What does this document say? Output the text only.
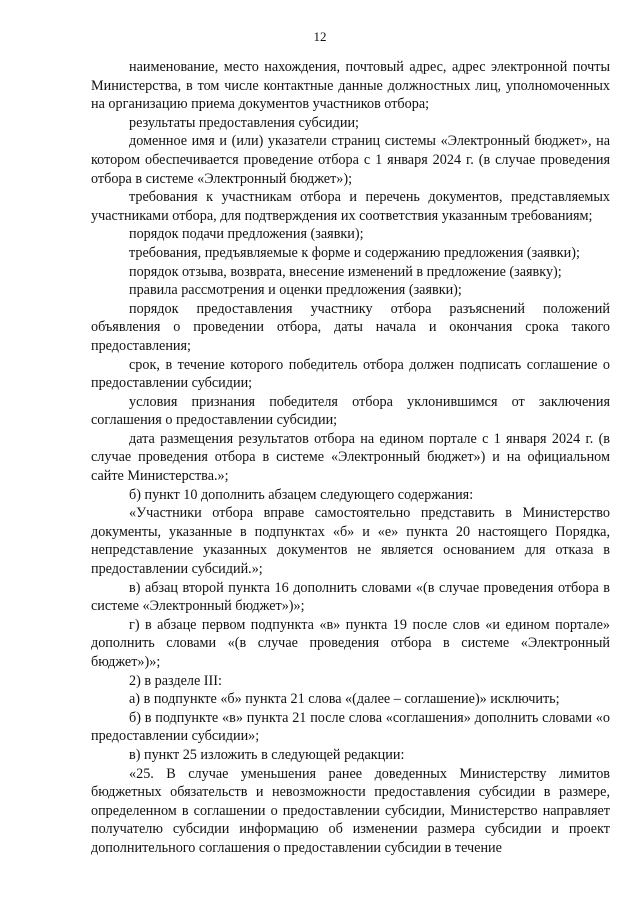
12

наименование, место нахождения, почтовый адрес, адрес электронной почты Министерства, в том числе контактные данные должностных лиц, уполномоченных на организацию приема документов участников отбора;

результаты предоставления субсидии;

доменное имя и (или) указатели страниц системы «Электронный бюджет», на котором обеспечивается проведение отбора с 1 января 2024 г. (в случае проведения отбора в системе «Электронный бюджет»);

требования к участникам отбора и перечень документов, представляемых участниками отбора, для подтверждения их соответствия указанным требованиям;

порядок подачи предложения (заявки);

требования, предъявляемые к форме и содержанию предложения (заявки);

порядок отзыва, возврата, внесение изменений в предложение (заявку);

правила рассмотрения и оценки предложения (заявки);

порядок предоставления участнику отбора разъяснений положений объявления о проведении отбора, даты начала и окончания срока такого предоставления;

срок, в течение которого победитель отбора должен подписать соглашение о предоставлении субсидии;

условия признания победителя отбора уклонившимся от заключения соглашения о предоставлении субсидии;

дата размещения результатов отбора на едином портале с 1 января 2024 г. (в случае проведения отбора в системе «Электронный бюджет») и на официальном сайте Министерства.»;

б) пункт 10 дополнить абзацем следующего содержания:

«Участники отбора вправе самостоятельно представить в Министерство документы, указанные в подпунктах «б» и «е» пункта 20 настоящего Порядка, непредставление указанных документов не является основанием для отказа в предоставлении субсидий.»;

в) абзац второй пункта 16 дополнить словами «(в случае проведения отбора в системе «Электронный бюджет»)»;

г) в абзаце первом подпункта «в» пункта 19 после слов «и едином портале» дополнить словами «(в случае проведения отбора в системе «Электронный бюджет»)»;

2) в разделе III:

а) в подпункте «б» пункта 21 слова «(далее – соглашение)» исключить;

б) в подпункте «в» пункта 21 после слова «соглашения» дополнить словами «о предоставлении субсидии»;

в) пункт 25 изложить в следующей редакции:

«25. В случае уменьшения ранее доведенных Министерству лимитов бюджетных обязательств и невозможности предоставления субсидии в размере, определенном в соглашении о предоставлении субсидии, Министерство направляет получателю субсидии информацию об изменении размера субсидии и проект дополнительного соглашения о предоставлении субсидии в течение
